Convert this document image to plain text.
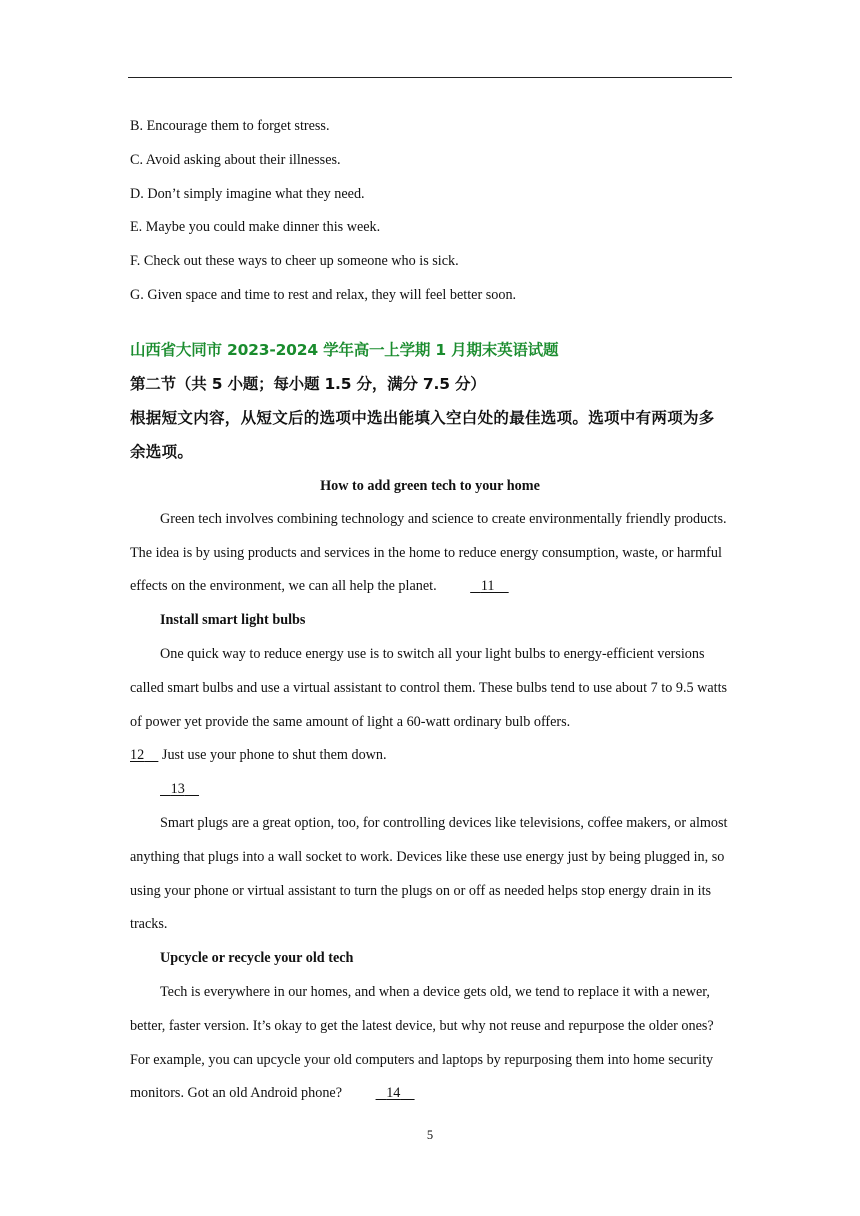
B. Encourage them to forget stress.
C. Avoid asking about their illnesses.
D. Don’t simply imagine what they need.
E. Maybe you could make dinner this week.
F. Check out these ways to cheer up someone who is sick.
G. Given space and time to rest and relax, they will feel better soon.
山西省大同市 2023-2024 学年高一上学期 1 月期末英语试题
第二节（共 5 小题；每小题 1.5 分，满分 7.5 分）
根据短文内容，从短文后的选项中选出能填入空白处的最佳选项。选项中有两项为多余选项。
How to add green tech to your home

Green tech involves combining technology and science to create environmentally friendly products. The idea is by using products and services in the home to reduce energy consumption, waste, or harmful effects on the environment, we can all help the planet.	11

Install smart light bulbs

One quick way to reduce energy use is to switch all your light bulbs to energy-efficient versions called smart bulbs and use a virtual assistant to control them. These bulbs tend to use about 7 to 9.5 watts of power yet provide the same amount of light a 60-watt ordinary bulb offers.
12 Just use your phone to shut them down.

13

Smart plugs are a great option, too, for controlling devices like televisions, coffee makers, or almost anything that plugs into a wall socket to work. Devices like these use energy just by being plugged in, so using your phone or virtual assistant to turn the plugs on or off as needed helps stop energy drain in its tracks.

Upcycle or recycle your old tech

Tech is everywhere in our homes, and when a device gets old, we tend to replace it with a newer, better, faster version. It’s okay to get the latest device, but why not reuse and repurpose the older ones? For example, you can upcycle your old computers and laptops by repurposing them into home security monitors. Got an old Android phone?	14

5
